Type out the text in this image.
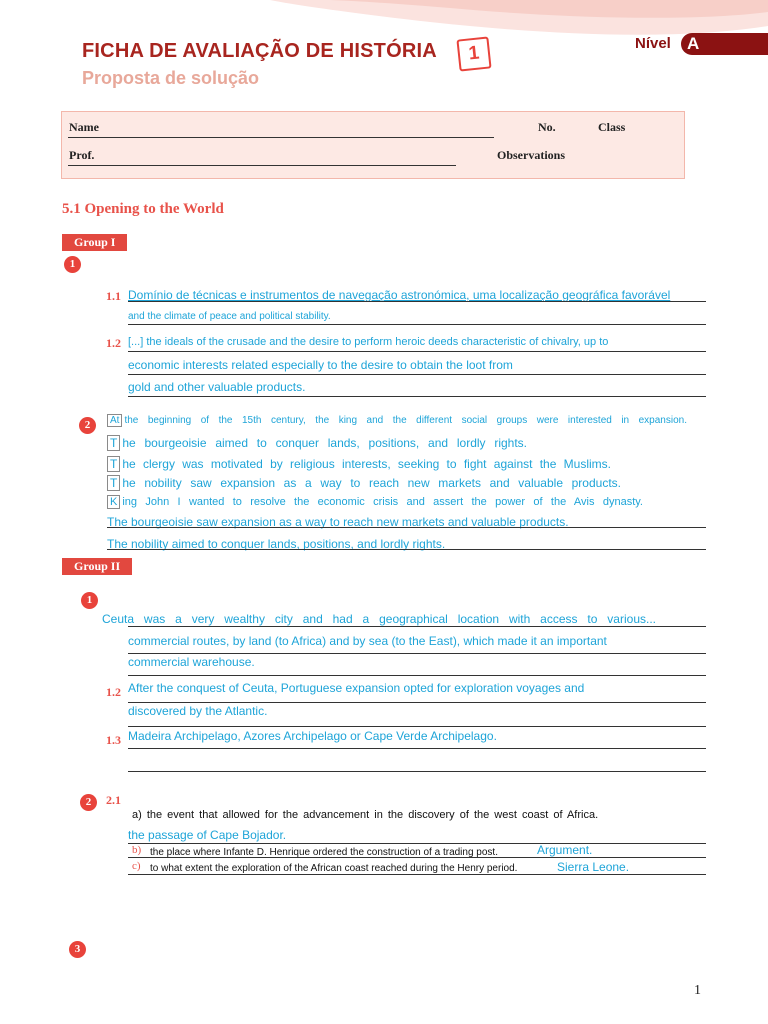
FICHA DE AVALIAÇÃO DE HISTÓRIA	1
Proposta de solução
Nível A
Name	No.	Class
Prof.	Observations
5.1 Opening to the World
Group I
1
1.1 Domínio de técnicas e instrumentos de navegação astronómica, uma localização geográfica favorável
and the climate of peace and political stability.
1.2 [...] the ideals of the crusade and the desire to perform heroic deeds characteristic of chivalry, up to
economic interests related especially to the desire to obtain the loot from
gold and other valuable products.
2	At the beginning of the 15th century, the king and the different social groups were interested in expansion.
T he bourgeoisie aimed to conquer lands, positions, and lordly rights.
T he clergy was motivated by religious interests, seeking to fight against the Muslims.
T he nobility saw expansion as a way to reach new markets and valuable products.
K ing John I wanted to resolve the economic crisis and assert the power of the Avis dynasty.
The bourgeoisie saw expansion as a way to reach new markets and valuable products.
The nobility aimed to conquer lands, positions, and lordly rights.
Group II
1
Ceuta was a very wealthy city and had a geographical location with access to various...
commercial routes, by land (to Africa) and by sea (to the East), which made it an important
commercial warehouse.
1.2 After the conquest of Ceuta, Portuguese expansion opted for exploration voyages and
discovered by the Atlantic.
1.3 Madeira Archipelago, Azores Archipelago or Cape Verde Archipelago.
2	2.1
a) the event that allowed for the advancement in the discovery of the west coast of Africa.
the passage of Cape Bojador.
b) the place where Infante D. Henrique ordered the construction of a trading post.	Argument.
c) to what extent the exploration of the African coast reached during the Henry period.	Sierra Leone.
3
1
